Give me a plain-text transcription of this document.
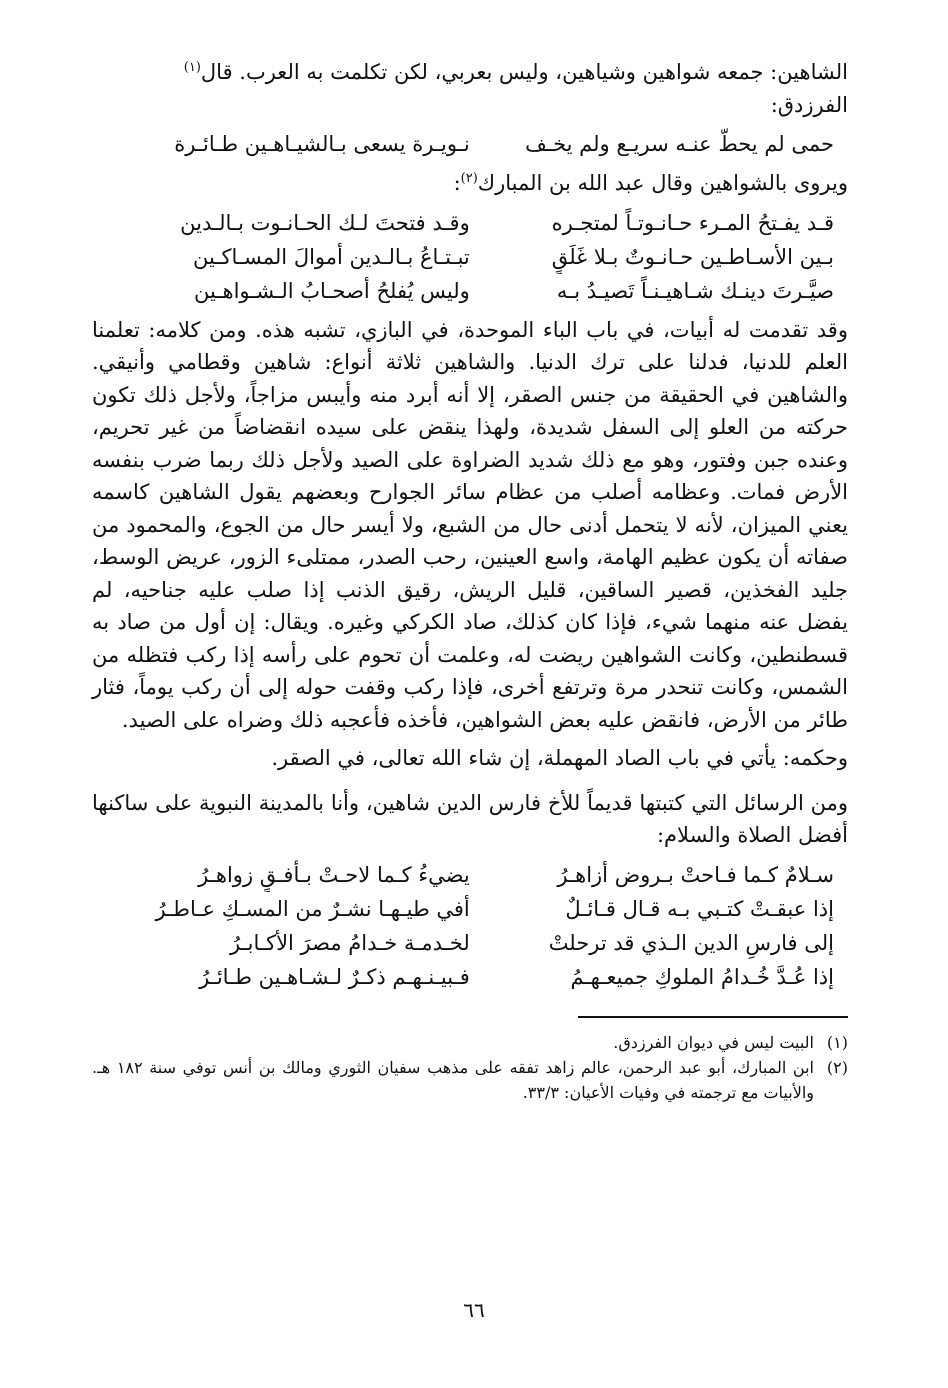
الشاهين: جمعه شواهين وشياهين، وليس بعربي، لكن تكلمت به العرب. قال$^{(١)}$
الفرزدق:

حمى لم يحطّ عنـه سريـع ولم يخـف
نـويـرة يسعى بـالشيـاهـين طـائـرة

ويروى بالشواهين وقال عبد الله بن المبارك$^{(٢)}$:

قـد يفـتحُ المـرء حـانـوتـاً لمتجـره
وقـد فتحتَ لـك الحـانـوت بـالـدين
بـين الأسـاطـين حـانـوتٌ بـلا غَلَقٍ
تبـتـاعُ بـالـدين أموالَ المسـاكـين
صيَّـرتَ دينـك شـاهيـنـاً تَصيـدُ بـه
وليس يُفلحُ أصحـابُ الـشـواهـين

وقد تقدمت له أبيات، في باب الباء الموحدة، في البازي، تشبه هذه. ومن كلامه: تعلمنا العلم للدنيا، فدلنا على ترك الدنيا. والشاهين ثلاثة أنواع: شاهين وقطامي وأنيقي. والشاهين في الحقيقة من جنس الصقر، إلا أنه أبرد منه وأيبس مزاجاً، ولأجل ذلك تكون حركته من العلو إلى السفل شديدة، ولهذا ينقض على سيده انقضاضاً من غير تحريم، وعنده جبن وفتور، وهو مع ذلك شديد الضراوة على الصيد ولأجل ذلك ربما ضرب بنفسه الأرض فمات. وعظامه أصلب من عظام سائر الجوارح وبعضهم يقول الشاهين كاسمه يعني الميزان، لأنه لا يتحمل أدنى حال من الشبع، ولا أيسر حال من الجوع، والمحمود من صفاته أن يكون عظيم الهامة، واسع العينين، رحب الصدر، ممتلىء الزور، عريض الوسط، جليد الفخذين، قصير الساقين، قليل الريش، رقيق الذنب إذا صلب عليه جناحيه، لم يفضل عنه منهما شيء، فإذا كان كذلك، صاد الكركي وغيره. ويقال: إن أول من صاد به قسطنطين، وكانت الشواهين ريضت له، وعلمت أن تحوم على رأسه إذا ركب فتظله من الشمس، وكانت تنحدر مرة وترتفع أخرى، فإذا ركب وقفت حوله إلى أن ركب يوماً، فثار طائر من الأرض، فانقض عليه بعض الشواهين، فأخذه فأعجبه ذلك وضراه على الصيد.

وحكمه: يأتي في باب الصاد المهملة، إن شاء الله تعالى، في الصقر.

ومن الرسائل التي كتبتها قديماً للأخ فارس الدين شاهين، وأنا بالمدينة النبوية على ساكنها أفضل الصلاة والسلام:

سـلامٌ كـما فـاحتْ بـروض أزاهـرُ
يضيءُ كـما لاحـتْ بـأفـقٍ زواهـرُ
إذا عبقـتْ كتـبي بـه قـال قـائـلٌ
أفي طيـهـا نشـرٌ من المسـكِ عـاطـرُ
إلى فارسِ الدين الـذي قد ترحلتْ
لخـدمـة خـدامُ مصرَ الأكـابـرُ
إذا عُـدَّ خُـدامُ الملوكِ جميعـهـمُ
فـبيـنـهـم ذكـرٌ لـشـاهـين طـائـرُ
(١)
البيت ليس في ديوان الفرزدق.
(٢)
ابن المبارك، أبو عبد الرحمن، عالم زاهد تفقه على مذهب سفيان الثوري ومالك بن أنس توفي سنة ١٨٢ هـ. والأبيات مع ترجمته في وفيات الأعيان: ٣٣/٣.
٦٦
